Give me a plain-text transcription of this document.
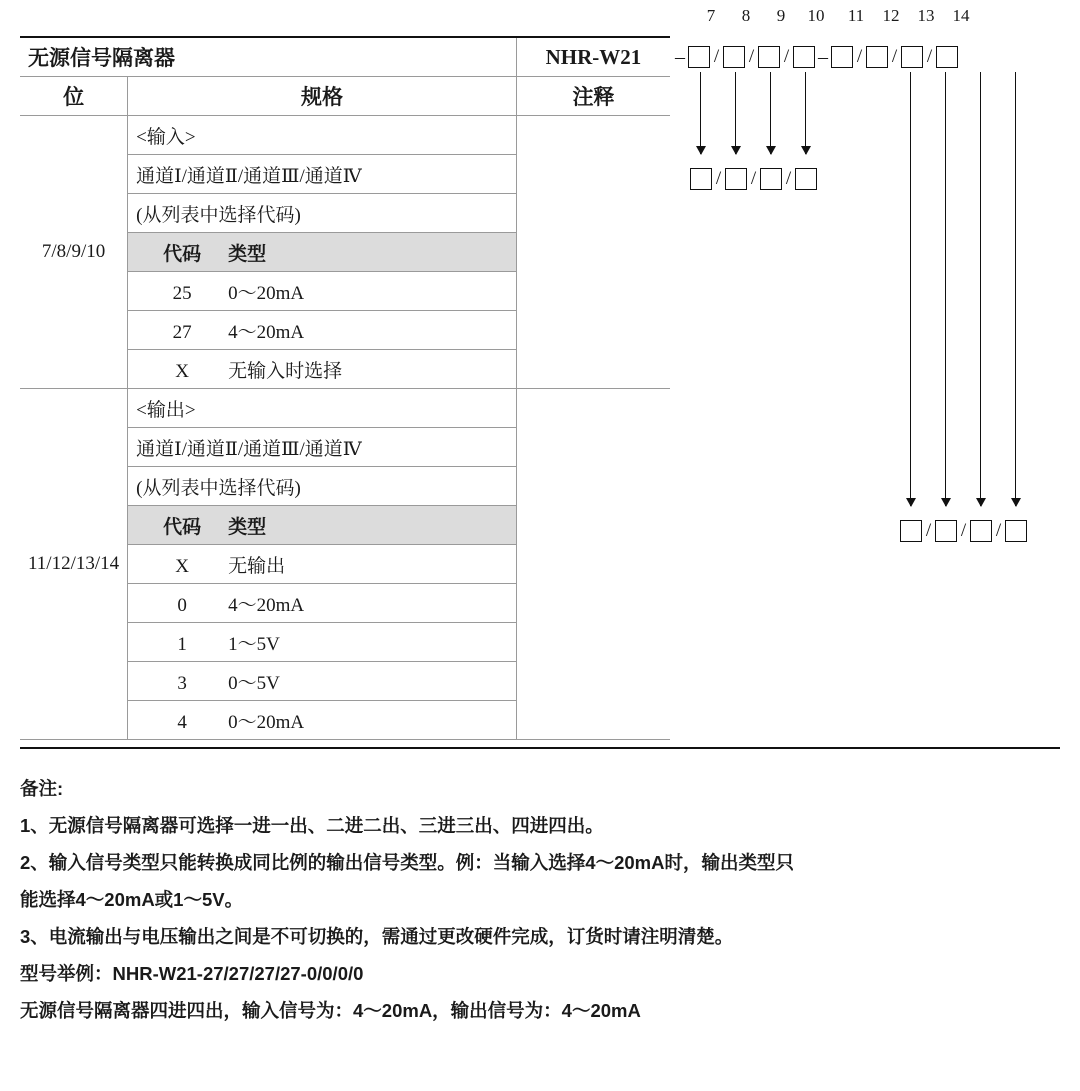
7	8	9	10	11	12	13	14
– / / / – / / /
/ / /
/ / /
无源信号隔离器		NHR-W21
位	规格	注释
7/8/9/10	<输入>	
	通道Ⅰ/通道Ⅱ/通道Ⅲ/通道Ⅳ	
	(从列表中选择代码)	
	代码 类型	
	25 0～20mA	
	27 4～20mA	
	X 无输入时选择	
11/12/13/14	<输出>	
	通道Ⅰ/通道Ⅱ/通道Ⅲ/通道Ⅳ	
	(从列表中选择代码)	
	代码 类型	
	X 无输出	
	0 4～20mA	
	1 1～5V	
	3 0～5V	
	4 0～20mA	

备注:

1、无源信号隔离器可选择一进一出、二进二出、三进三出、四进四出。

2、输入信号类型只能转换成同比例的输出信号类型。例：当输入选择4～20mA时，输出类型只

能选择4～20mA或1～5V。

3、电流输出与电压输出之间是不可切换的，需通过更改硬件完成，订货时请注明清楚。

型号举例：NHR-W21-27/27/27/27-0/0/0/0

无源信号隔离器四进四出，输入信号为：4～20mA，输出信号为：4～20mA
